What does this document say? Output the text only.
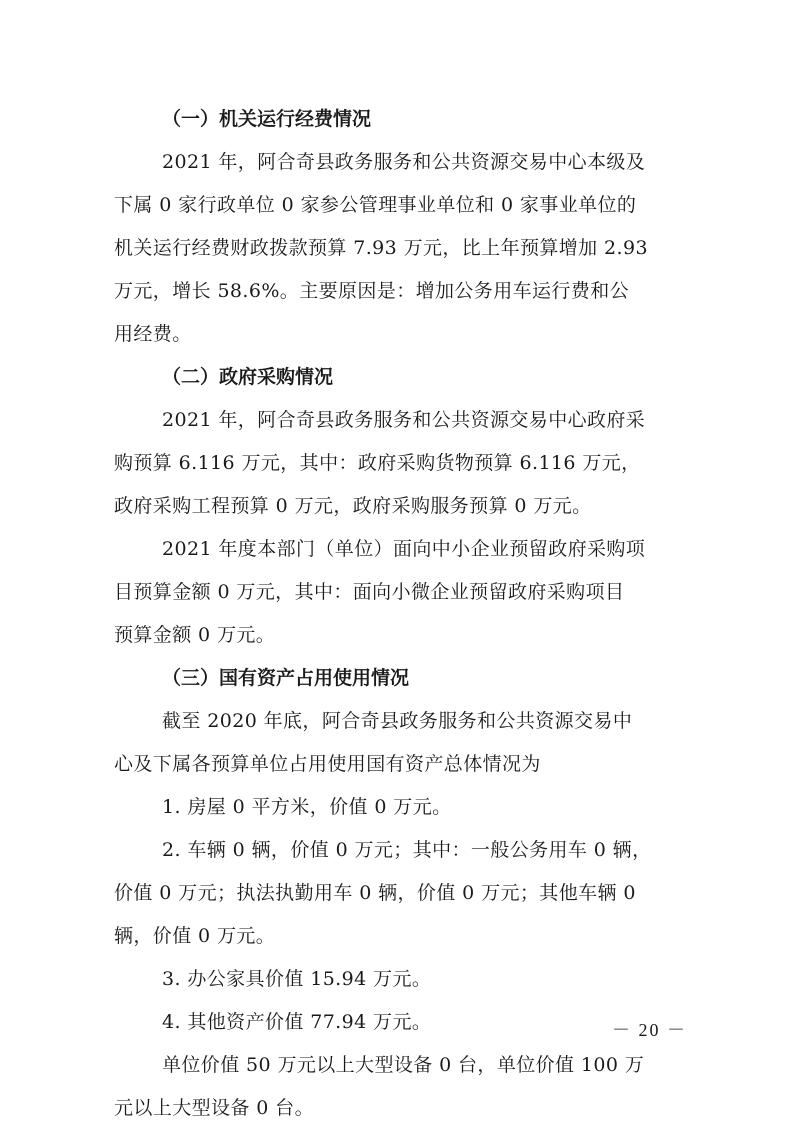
（一）机关运行经费情况

2021 年，阿合奇县政务服务和公共资源交易中心本级及
下属 0 家行政单位 0 家参公管理事业单位和 0 家事业单位的
机关运行经费财政拨款预算 7.93 万元，比上年预算增加 2.93
万元，增长 58.6%。主要原因是：增加公务用车运行费和公
用经费。

（二）政府采购情况

2021 年，阿合奇县政务服务和公共资源交易中心政府采
购预算 6.116 万元，其中：政府采购货物预算 6.116 万元，
政府采购工程预算 0 万元，政府采购服务预算 0 万元。

2021 年度本部门（单位）面向中小企业预留政府采购项
目预算金额 0 万元，其中：面向小微企业预留政府采购项目
预算金额 0 万元。

（三）国有资产占用使用情况

截至 2020 年底，阿合奇县政务服务和公共资源交易中
心及下属各预算单位占用使用国有资产总体情况为

1. 房屋 0 平方米，价值 0 万元。

2. 车辆 0 辆，价值 0 万元；其中：一般公务用车 0 辆，
价值 0 万元；执法执勤用车 0 辆，价值 0 万元；其他车辆 0
辆，价值 0 万元。

3. 办公家具价值 15.94 万元。

4. 其他资产价值 77.94 万元。

单位价值 50 万元以上大型设备 0 台，单位价值 100 万
元以上大型设备 0 台。

－ 20 －
